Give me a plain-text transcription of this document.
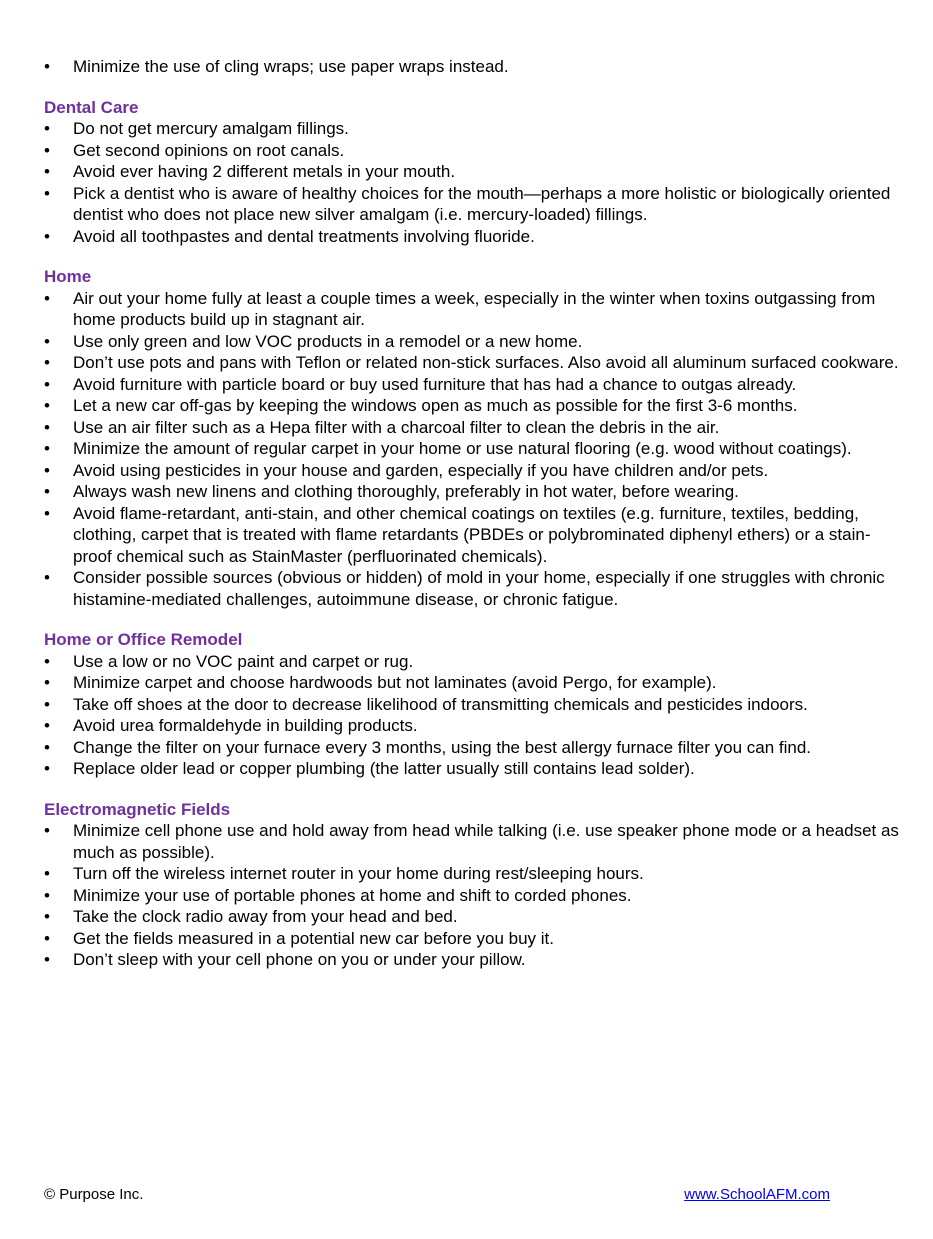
•	Minimize the use of cling wraps; use paper wraps instead.
Dental Care
•	Do not get mercury amalgam fillings.
•	Get second opinions on root canals.
•	Avoid ever having 2 different metals in your mouth.
•	Pick a dentist who is aware of healthy choices for the mouth—perhaps a more holistic or biologically oriented dentist who does not place new silver amalgam (i.e. mercury-loaded) fillings.
•	Avoid all toothpastes and dental treatments involving fluoride.
Home
•	Air out your home fully at least a couple times a week, especially in the winter when toxins outgassing from home products build up in stagnant air.
•	Use only green and low VOC products in a remodel or a new home.
•	Don’t use pots and pans with Teflon or related non-stick surfaces. Also avoid all aluminum surfaced cookware.
•	Avoid furniture with particle board or buy used furniture that has had a chance to outgas already.
•	Let a new car off-gas by keeping the windows open as much as possible for the first 3-6 months.
•	Use an air filter such as a Hepa filter with a charcoal filter to clean the debris in the air.
•	Minimize the amount of regular carpet in your home or use natural flooring (e.g. wood without coatings).
•	Avoid using pesticides in your house and garden, especially if you have children and/or pets.
•	Always wash new linens and clothing thoroughly, preferably in hot water, before wearing.
•	Avoid flame-retardant, anti-stain, and other chemical coatings on textiles (e.g. furniture, textiles, bedding, clothing, carpet that is treated with flame retardants (PBDEs or polybrominated diphenyl ethers) or a stain-proof chemical such as StainMaster (perfluorinated chemicals).
•	Consider possible sources (obvious or hidden) of mold in your home, especially if one struggles with chronic histamine-mediated challenges, autoimmune disease, or chronic fatigue.
Home or Office Remodel
•	Use a low or no VOC paint and carpet or rug.
•	Minimize carpet and choose hardwoods but not laminates (avoid Pergo, for example).
•	Take off shoes at the door to decrease likelihood of transmitting chemicals and pesticides indoors.
•	Avoid urea formaldehyde in building products.
•	Change the filter on your furnace every 3 months, using the best allergy furnace filter you can find.
•	Replace older lead or copper plumbing (the latter usually still contains lead solder).
Electromagnetic Fields
•	Minimize cell phone use and hold away from head while talking (i.e. use speaker phone mode or a headset as much as possible).
•	Turn off the wireless internet router in your home during rest/sleeping hours.
•	Minimize your use of portable phones at home and shift to corded phones.
•	Take the clock radio away from your head and bed.
•	Get the fields measured in a potential new car before you buy it.
•	Don’t sleep with your cell phone on you or under your pillow.
© Purpose Inc.	www.SchoolAFM.com
